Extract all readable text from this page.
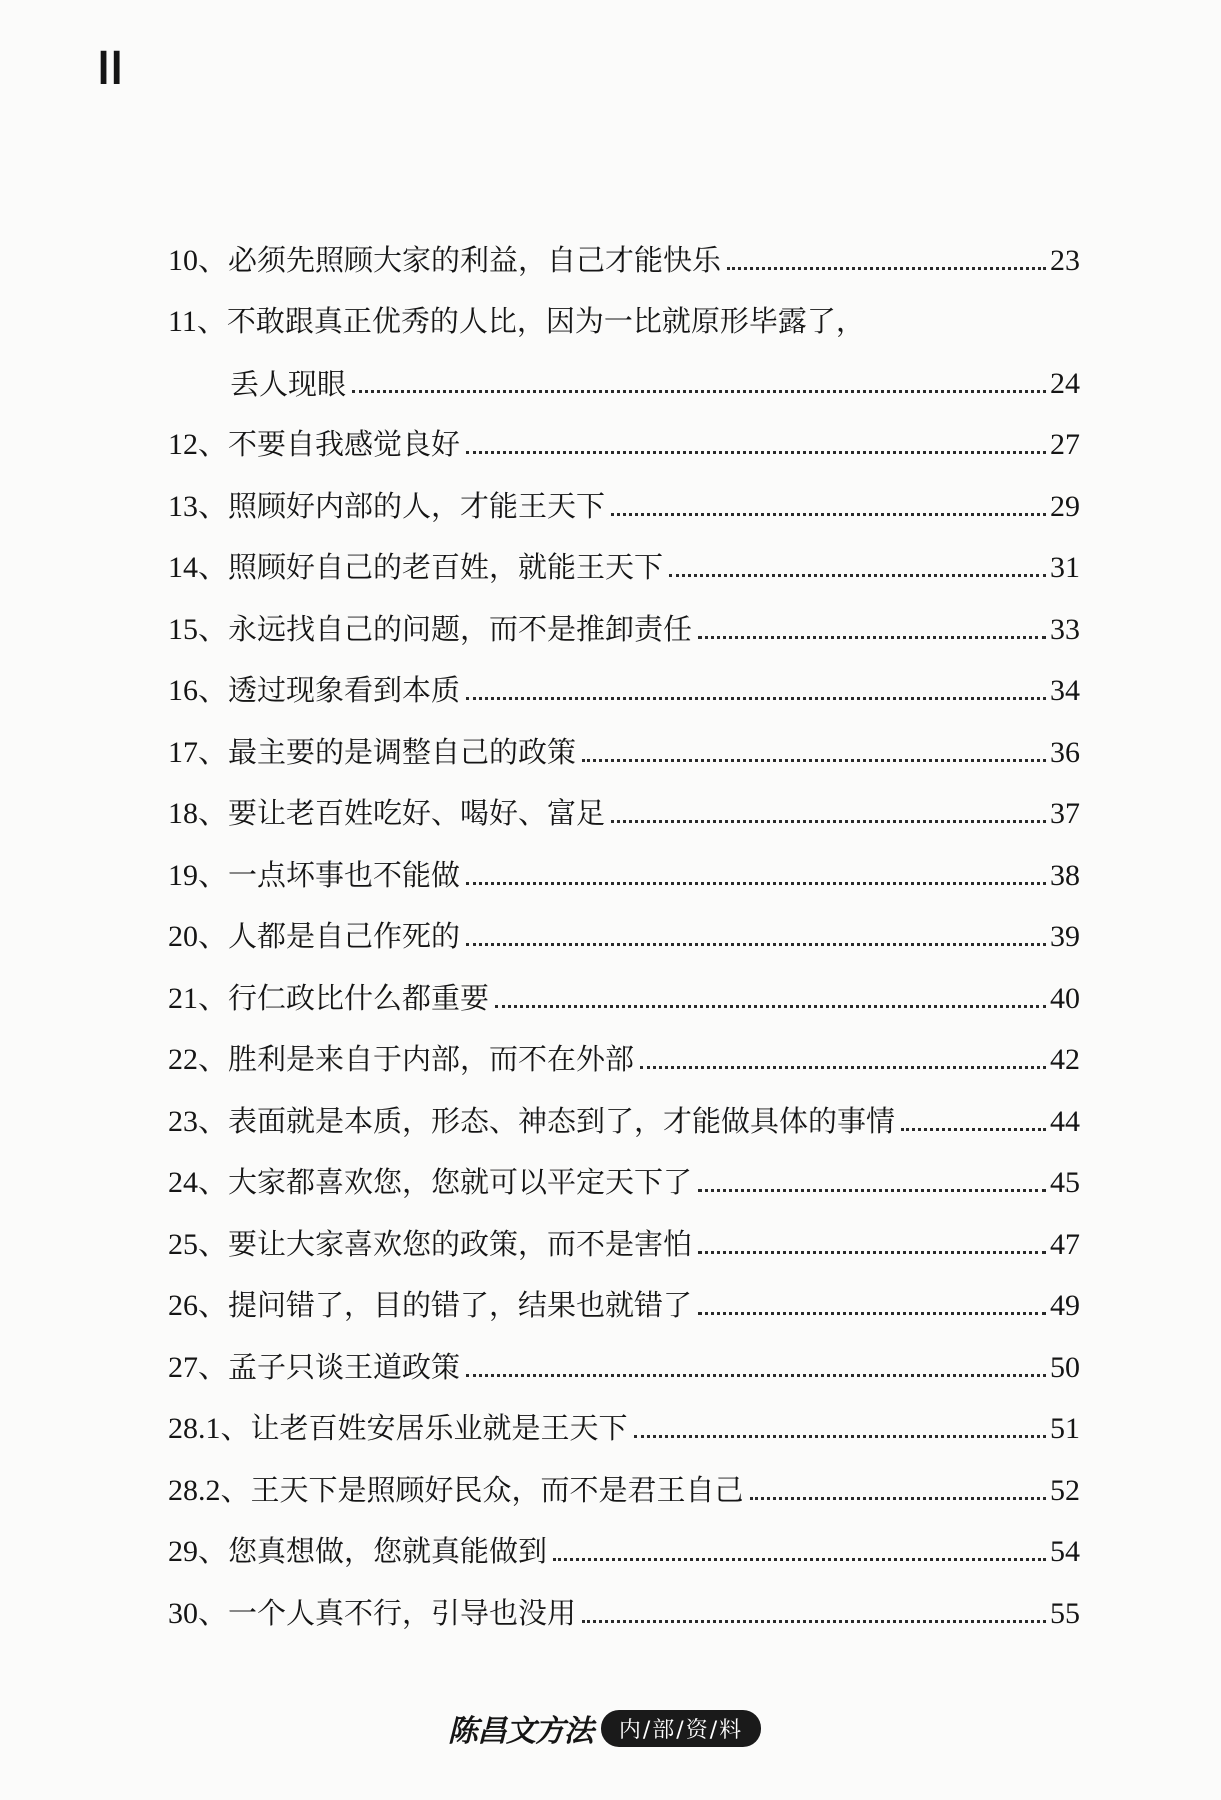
II
10、必须先照顾大家的利益，自己才能快乐	23
11、不敢跟真正优秀的人比，因为一比就原形毕露了，
丢人现眼	24
12、不要自我感觉良好	27
13、照顾好内部的人，才能王天下	29
14、照顾好自己的老百姓，就能王天下	31
15、永远找自己的问题，而不是推卸责任	33
16、透过现象看到本质	34
17、最主要的是调整自己的政策	36
18、要让老百姓吃好、喝好、富足	37
19、一点坏事也不能做	38
20、人都是自己作死的	39
21、行仁政比什么都重要	40
22、胜利是来自于内部，而不在外部	42
23、表面就是本质，形态、神态到了，才能做具体的事情	44
24、大家都喜欢您，您就可以平定天下了	45
25、要让大家喜欢您的政策，而不是害怕	47
26、提问错了，目的错了，结果也就错了	49
27、孟子只谈王道政策	50
28.1、让老百姓安居乐业就是王天下	51
28.2、王天下是照顾好民众，而不是君王自己	52
29、您真想做，您就真能做到	54
30、一个人真不行，引导也没用	55
陈昌文方法	内/部/资/料
